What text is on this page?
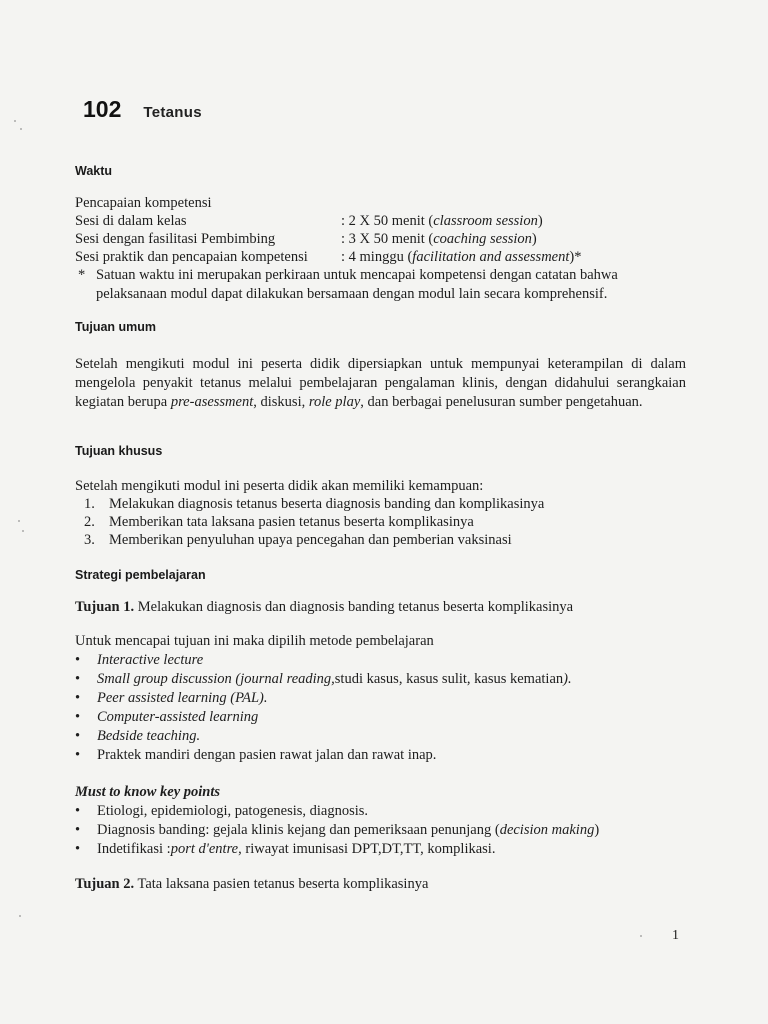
102 Tetanus
Waktu
Pencapaian kompetensi
Sesi di dalam kelas	: 2 X 50 menit (classroom session)
Sesi dengan fasilitasi Pembimbing	: 3 X 50 menit (coaching session)
Sesi praktik dan pencapaian kompetensi : 4 minggu (facilitation and assessment)*
* Satuan waktu ini merupakan perkiraan untuk mencapai kompetensi dengan catatan bahwa
pelaksanaan modul dapat dilakukan bersamaan dengan modul lain secara komprehensif.
Tujuan umum
Setelah mengikuti modul ini peserta didik dipersiapkan untuk mempunyai keterampilan di dalam mengelola penyakit tetanus melalui pembelajaran pengalaman klinis, dengan didahului serangkaian kegiatan berupa pre-asessment, diskusi, role play, dan berbagai penelusuran sumber pengetahuan.
Tujuan khusus
Setelah mengikuti modul ini peserta didik akan memiliki kemampuan:
1. Melakukan diagnosis tetanus beserta diagnosis banding dan komplikasinya
2. Memberikan tata laksana pasien tetanus beserta komplikasinya
3. Memberikan penyuluhan upaya pencegahan dan pemberian vaksinasi
Strategi pembelajaran
Tujuan 1. Melakukan diagnosis dan diagnosis banding tetanus beserta komplikasinya
Untuk mencapai tujuan ini maka dipilih metode pembelajaran
•	Interactive lecture
•	Small group discussion (journal reading, studi kasus, kasus sulit, kasus kematian ).
•	Peer assisted learning (PAL).
•	Computer-assisted learning
•	Bedside teaching.
•	Praktek mandiri dengan pasien rawat jalan dan rawat inap.
Must to know key points
•	Etiologi, epidemiologi, patogenesis, diagnosis.
•	Diagnosis banding: gejala klinis kejang dan pemeriksaan penunjang ( decision making )
•	Indetifikasi : port d'entre , riwayat imunisasi DPT,DT,TT, komplikasi.
Tujuan 2. Tata laksana pasien tetanus beserta komplikasinya
1
